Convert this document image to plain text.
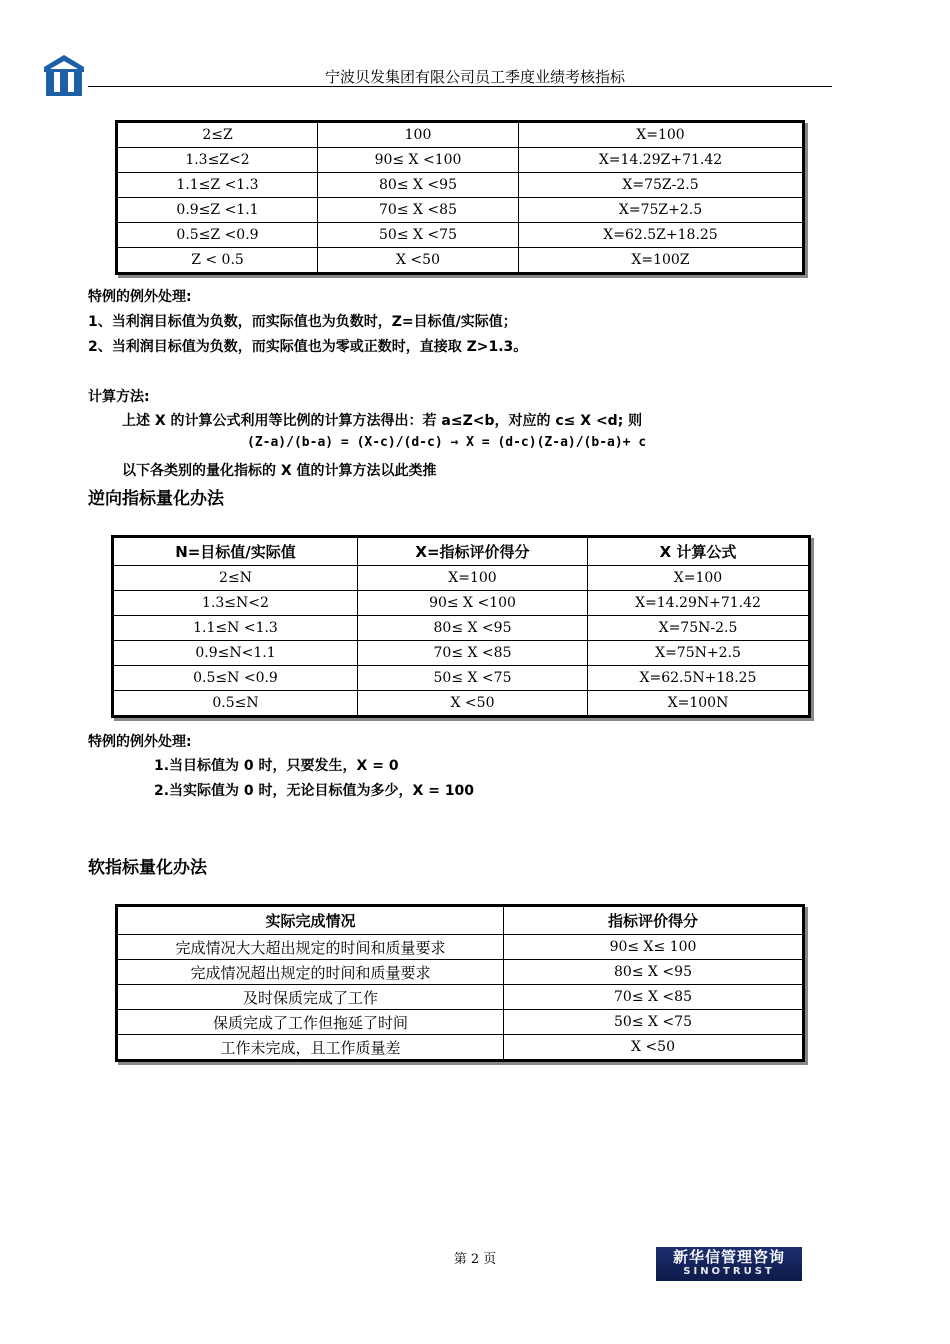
宁波贝发集团有限公司员工季度业绩考核指标
2≤Z	100	X=100
1.3≤Z<2	90≤ X <100	X=14.29Z+71.42
1.1≤Z <1.3	80≤ X <95	X=75Z-2.5
0.9≤Z <1.1	70≤ X <85	X=75Z+2.5
0.5≤Z <0.9	50≤ X <75	X=62.5Z+18.25
Z < 0.5	X <50	X=100Z
特例的例外处理:
1、当利润目标值为负数，而实际值也为负数时，Z=目标值/实际值；
2、当利润目标值为负数，而实际值也为零或正数时，直接取 Z>1.3。
计算方法:
上述 X 的计算公式利用等比例的计算方法得出：若 a≤Z<b，对应的 c≤ X <d; 则
(Z-a)/(b-a) = (X-c)/(d-c) → X = (d-c)(Z-a)/(b-a)+ c
以下各类别的量化指标的 X 值的计算方法以此类推
逆向指标量化办法
N=目标值/实际值	X=指标评价得分	X 计算公式
2≤N	X=100	X=100
1.3≤N<2	90≤ X <100	X=14.29N+71.42
1.1≤N <1.3	80≤ X <95	X=75N-2.5
0.9≤N<1.1	70≤ X <85	X=75N+2.5
0.5≤N <0.9	50≤ X <75	X=62.5N+18.25
0.5≤N	X <50	X=100N
特例的例外处理:
1.当目标值为 0 时，只要发生，X = 0
2.当实际值为 0 时，无论目标值为多少，X = 100
软指标量化办法
实际完成情况	指标评价得分
完成情况大大超出规定的时间和质量要求	90≤ X≤ 100
完成情况超出规定的时间和质量要求	80≤ X <95
及时保质完成了工作	70≤ X <85
保质完成了工作但拖延了时间	50≤ X <75
工作未完成，且工作质量差	X <50
第 2 页	新华信管理咨询
SINOTRUST
